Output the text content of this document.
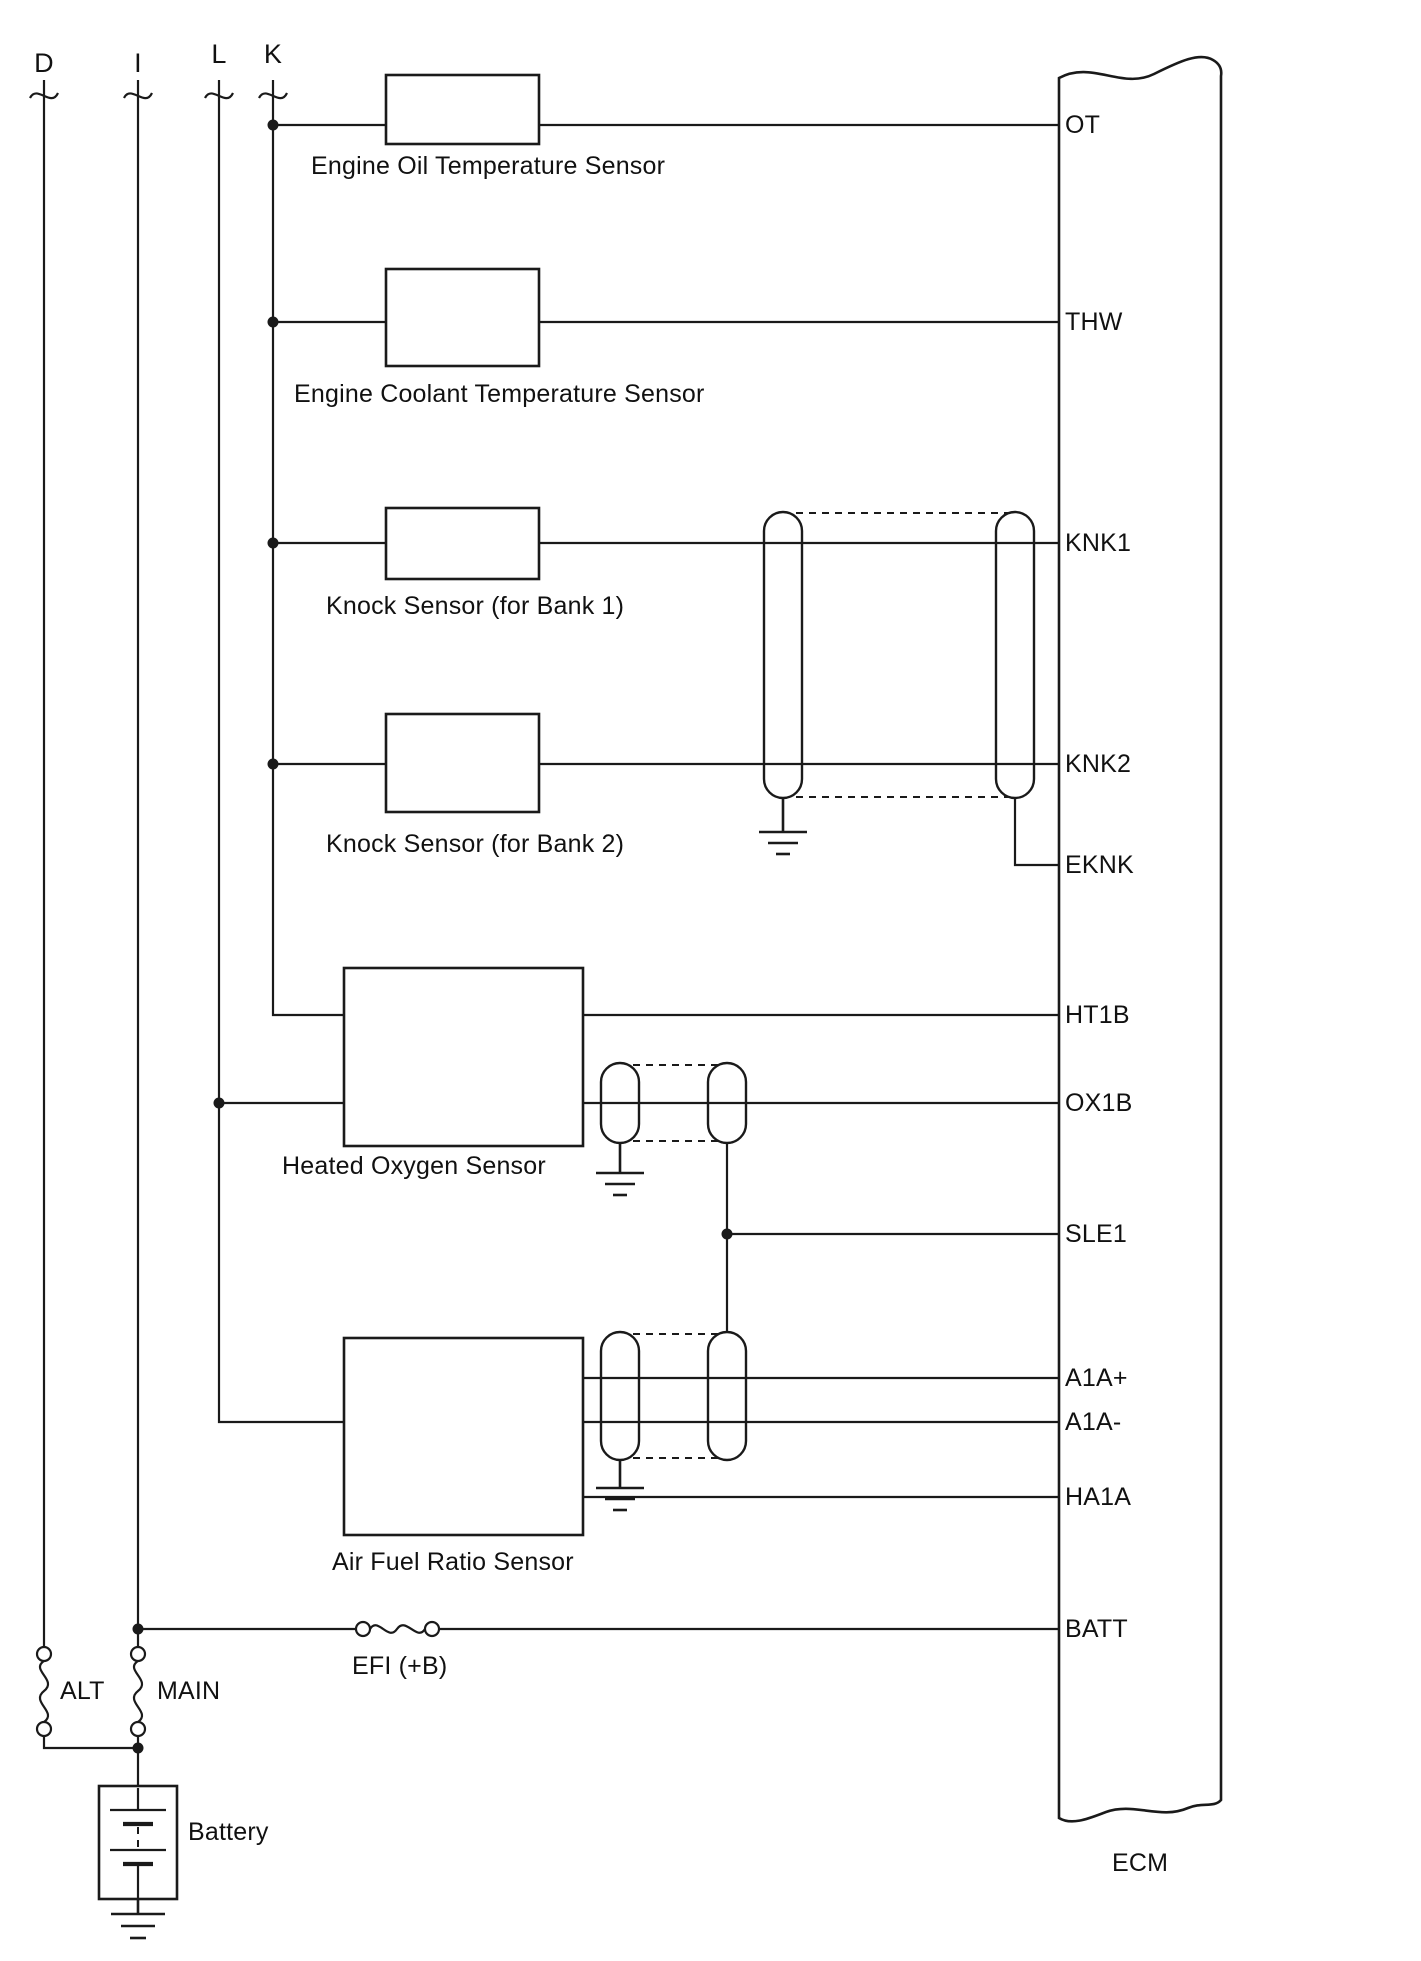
D	I	L K
Engine Oil Temperature Sensor
Engine Coolant Temperature Sensor
Knock Sensor (for Bank 1)
Knock Sensor (for Bank 2)
Heated Oxygen Sensor
Air Fuel Ratio Sensor
EFI (+B)
ALT MAIN
Battery
ECM
OT
THW
KNK1
KNK2
EKNK
HT1B
OX1B
SLE1
A1A+
A1A-
HA1A
BATT
